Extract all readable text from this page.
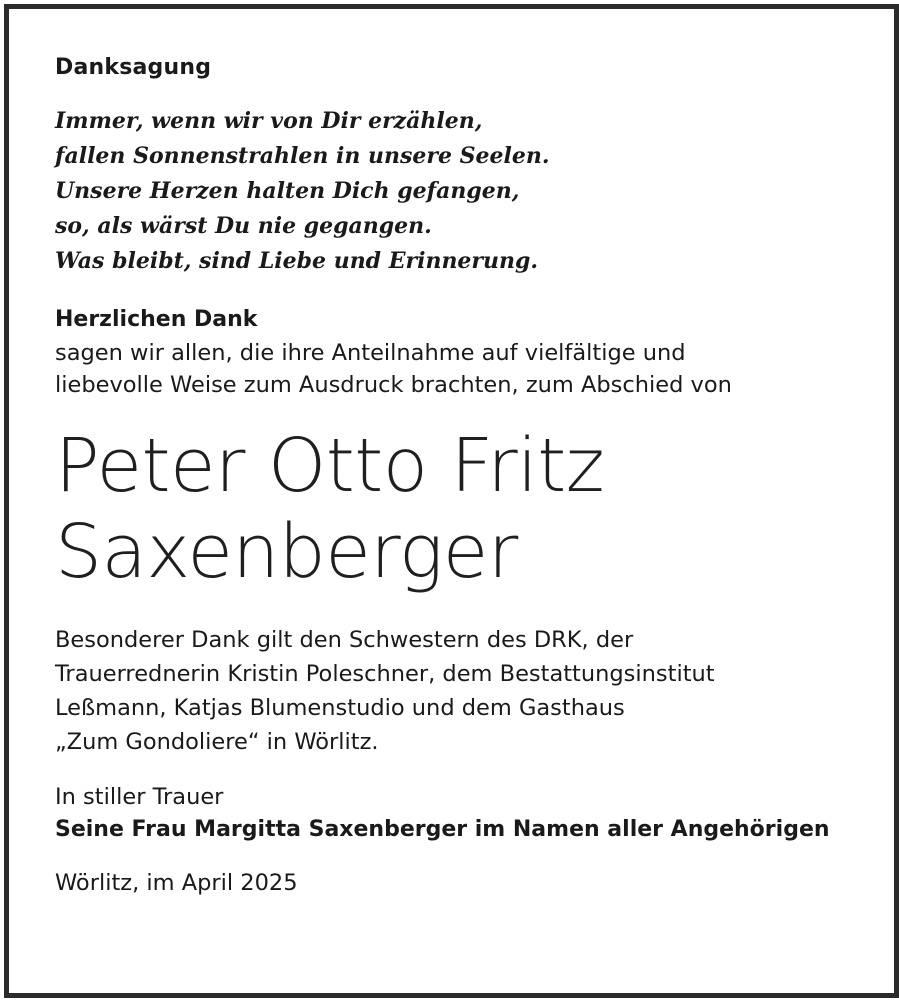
Danksagung
Immer, wenn wir von Dir erzählen,
fallen Sonnenstrahlen in unsere Seelen.
Unsere Herzen halten Dich gefangen,
so, als wärst Du nie gegangen.
Was bleibt, sind Liebe und Erinnerung.
Herzlichen Dank
sagen wir allen, die ihre Anteilnahme auf vielfältige und
liebevolle Weise zum Ausdruck brachten, zum Abschied von
Peter Otto Fritz
Saxenberger
Besonderer Dank gilt den Schwestern des DRK, der
Trauerrednerin Kristin Poleschner, dem Bestattungsinstitut
Leßmann, Katjas Blumenstudio und dem Gasthaus
„Zum Gondoliere“ in Wörlitz.
In stiller Trauer
Seine Frau Margitta Saxenberger im Namen aller Angehörigen
Wörlitz, im April 2025
